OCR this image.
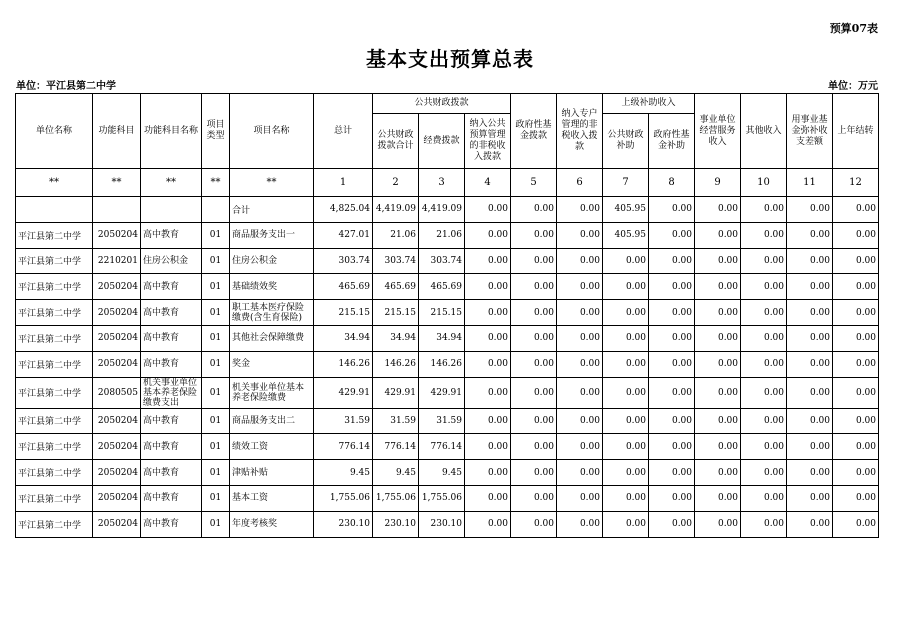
预算07表
基本支出预算总表
单位：平江县第二中学	单位：万元
单位名称	功能科目	功能科目名称	项目类型	项目名称	总计	公共财政拨款			政府性基金拨款	纳入专户管理的非税收入拨款	上级补助收入		事业单位经营服务收入	其他收入	用事业基金弥补收支差额	上年结转
						公共财政拨款合计	经费拨款	纳入公共预算管理的非税收入拨款			公共财政补助	政府性基金补助				
**	**	**	**	**	1	2	3	4	5	6	7	8	9	10	11	12
				合计	4,825.04	4,419.09	4,419.09	0.00	0.00	0.00	405.95	0.00	0.00	0.00	0.00	0.00
平江县第二中学	2050204	高中教育	01	商品服务支出一	427.01	21.06	21.06	0.00	0.00	0.00	405.95	0.00	0.00	0.00	0.00	0.00
平江县第二中学	2210201	住房公积金	01	住房公积金	303.74	303.74	303.74	0.00	0.00	0.00	0.00	0.00	0.00	0.00	0.00	0.00
平江县第二中学	2050204	高中教育	01	基础绩效奖	465.69	465.69	465.69	0.00	0.00	0.00	0.00	0.00	0.00	0.00	0.00	0.00
平江县第二中学	2050204	高中教育	01	职工基本医疗保险缴费(含生育保险)	215.15	215.15	215.15	0.00	0.00	0.00	0.00	0.00	0.00	0.00	0.00	0.00
平江县第二中学	2050204	高中教育	01	其他社会保障缴费	34.94	34.94	34.94	0.00	0.00	0.00	0.00	0.00	0.00	0.00	0.00	0.00
平江县第二中学	2050204	高中教育	01	奖金	146.26	146.26	146.26	0.00	0.00	0.00	0.00	0.00	0.00	0.00	0.00	0.00
平江县第二中学	2080505	机关事业单位基本养老保险缴费支出	01	机关事业单位基本养老保险缴费	429.91	429.91	429.91	0.00	0.00	0.00	0.00	0.00	0.00	0.00	0.00	0.00
平江县第二中学	2050204	高中教育	01	商品服务支出二	31.59	31.59	31.59	0.00	0.00	0.00	0.00	0.00	0.00	0.00	0.00	0.00
平江县第二中学	2050204	高中教育	01	绩效工资	776.14	776.14	776.14	0.00	0.00	0.00	0.00	0.00	0.00	0.00	0.00	0.00
平江县第二中学	2050204	高中教育	01	津贴补贴	9.45	9.45	9.45	0.00	0.00	0.00	0.00	0.00	0.00	0.00	0.00	0.00
平江县第二中学	2050204	高中教育	01	基本工资	1,755.06	1,755.06	1,755.06	0.00	0.00	0.00	0.00	0.00	0.00	0.00	0.00	0.00
平江县第二中学	2050204	高中教育	01	年度考核奖	230.10	230.10	230.10	0.00	0.00	0.00	0.00	0.00	0.00	0.00	0.00	0.00
